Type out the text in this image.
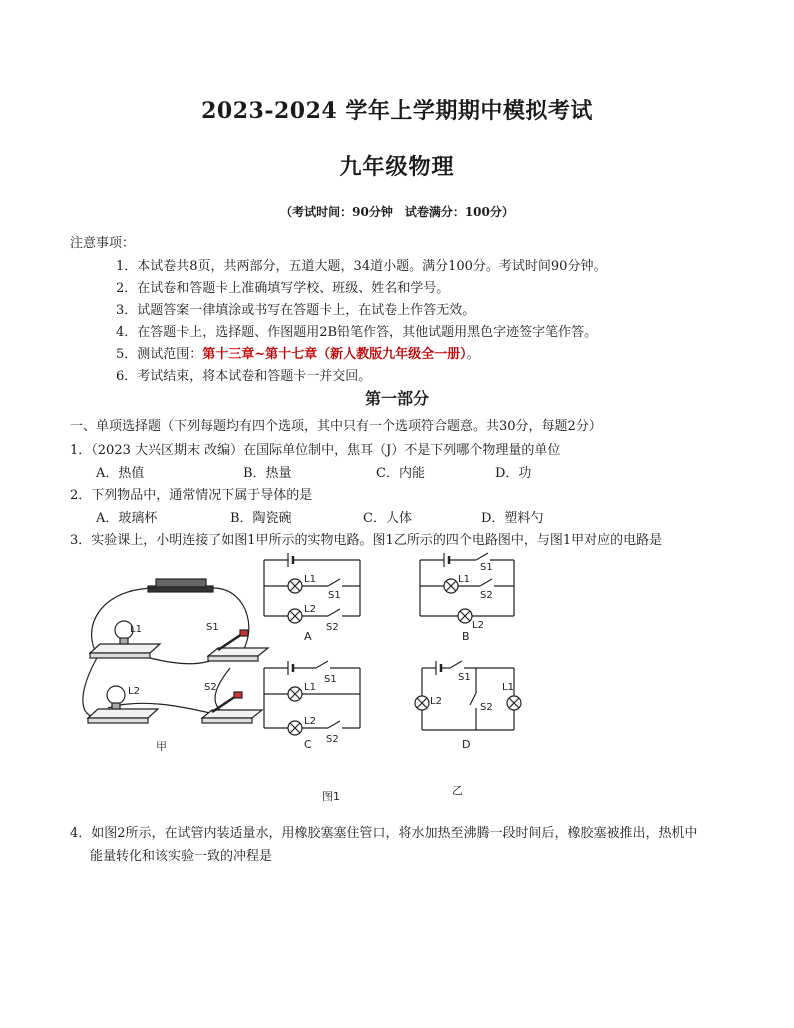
2023-2024 学年上学期期中模拟考试
九年级物理
（考试时间：90分钟　试卷满分：100分）
注意事项：
1．本试卷共8页，共两部分，五道大题，34道小题。满分100分。考试时间90分钟。
2．在试卷和答题卡上准确填写学校、班级、姓名和学号。
3．试题答案一律填涂或书写在答题卡上，在试卷上作答无效。
4．在答题卡上，选择题、作图题用2B铅笔作答，其他试题用黑色字迹签字笔作答。
5．测试范围：第十三章~第十七章（新人教版九年级全一册）。
6．考试结束，将本试卷和答题卡一并交回。
第一部分
一、单项选择题（下列每题均有四个选项，其中只有一个选项符合题意。共30分，每题2分）
1．（2023 大兴区期末 改编）在国际单位制中，焦耳（J）不是下列哪个物理量的单位
A．热值	B．热量	C．内能	D．功
2．下列物品中，通常情况下属于导体的是
A．玻璃杯	B．陶瓷碗	C．人体	D．塑料勺
3．实验课上，小明连接了如图1甲所示的实物电路。图1乙所示的四个电路图中，与图1甲对应的电路是
L1	S1
L2	S2
L1
S1
L2
S2
S1
L1
S2
L2
S1
L1
L2
S2
S1
L2
L1
S2
A	B
C	D
甲
图1	乙
4．如图2所示，在试管内装适量水，用橡胶塞塞住管口，将水加热至沸腾一段时间后，橡胶塞被推出，热机中
能量转化和该实验一致的冲程是
